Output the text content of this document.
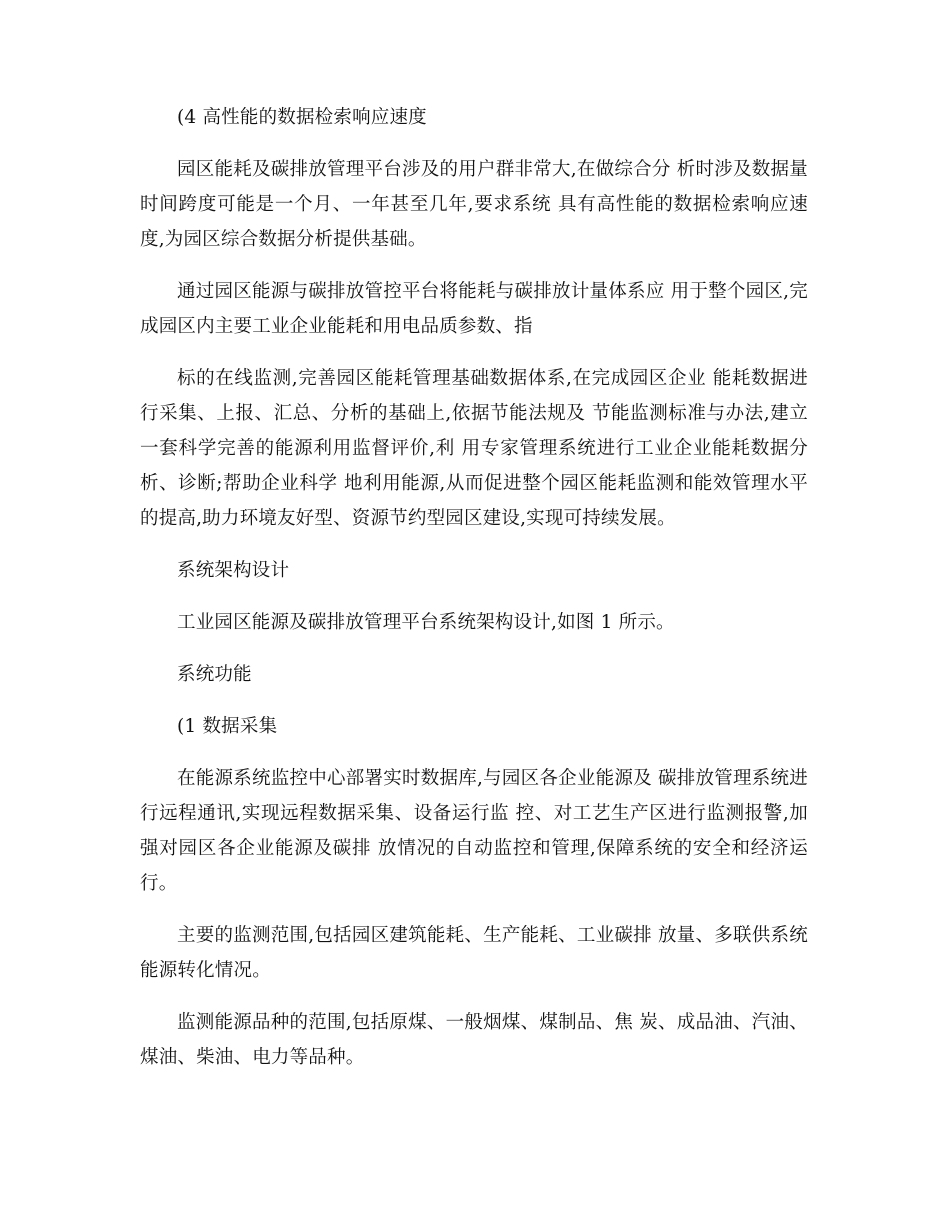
(4 高性能的数据检索响应速度

园区能耗及碳排放管理平台涉及的用户群非常大,在做综合分 析时涉及数据量时间跨度可能是一个月、一年甚至几年,要求系统 具有高性能的数据检索响应速度,为园区综合数据分析提供基础。

通过园区能源与碳排放管控平台将能耗与碳排放计量体系应 用于整个园区,完成园区内主要工业企业能耗和用电品质参数、指

标的在线监测,完善园区能耗管理基础数据体系,在完成园区企业 能耗数据进行采集、上报、汇总、分析的基础上,依据节能法规及 节能监测标准与办法,建立一套科学完善的能源利用监督评价,利 用专家管理系统进行工业企业能耗数据分析、诊断;帮助企业科学 地利用能源,从而促进整个园区能耗监测和能效管理水平的提高,助力环境友好型、资源节约型园区建设,实现可持续发展。

系统架构设计

工业园区能源及碳排放管理平台系统架构设计,如图 1 所示。

系统功能

(1 数据采集

在能源系统监控中心部署实时数据库,与园区各企业能源及 碳排放管理系统进行远程通讯,实现远程数据采集、设备运行监 控、对工艺生产区进行监测报警,加强对园区各企业能源及碳排 放情况的自动监控和管理,保障系统的安全和经济运行。

主要的监测范围,包括园区建筑能耗、生产能耗、工业碳排 放量、多联供系统能源转化情况。

监测能源品种的范围,包括原煤、一般烟煤、煤制品、焦 炭、成品油、汽油、煤油、柴油、电力等品种。
